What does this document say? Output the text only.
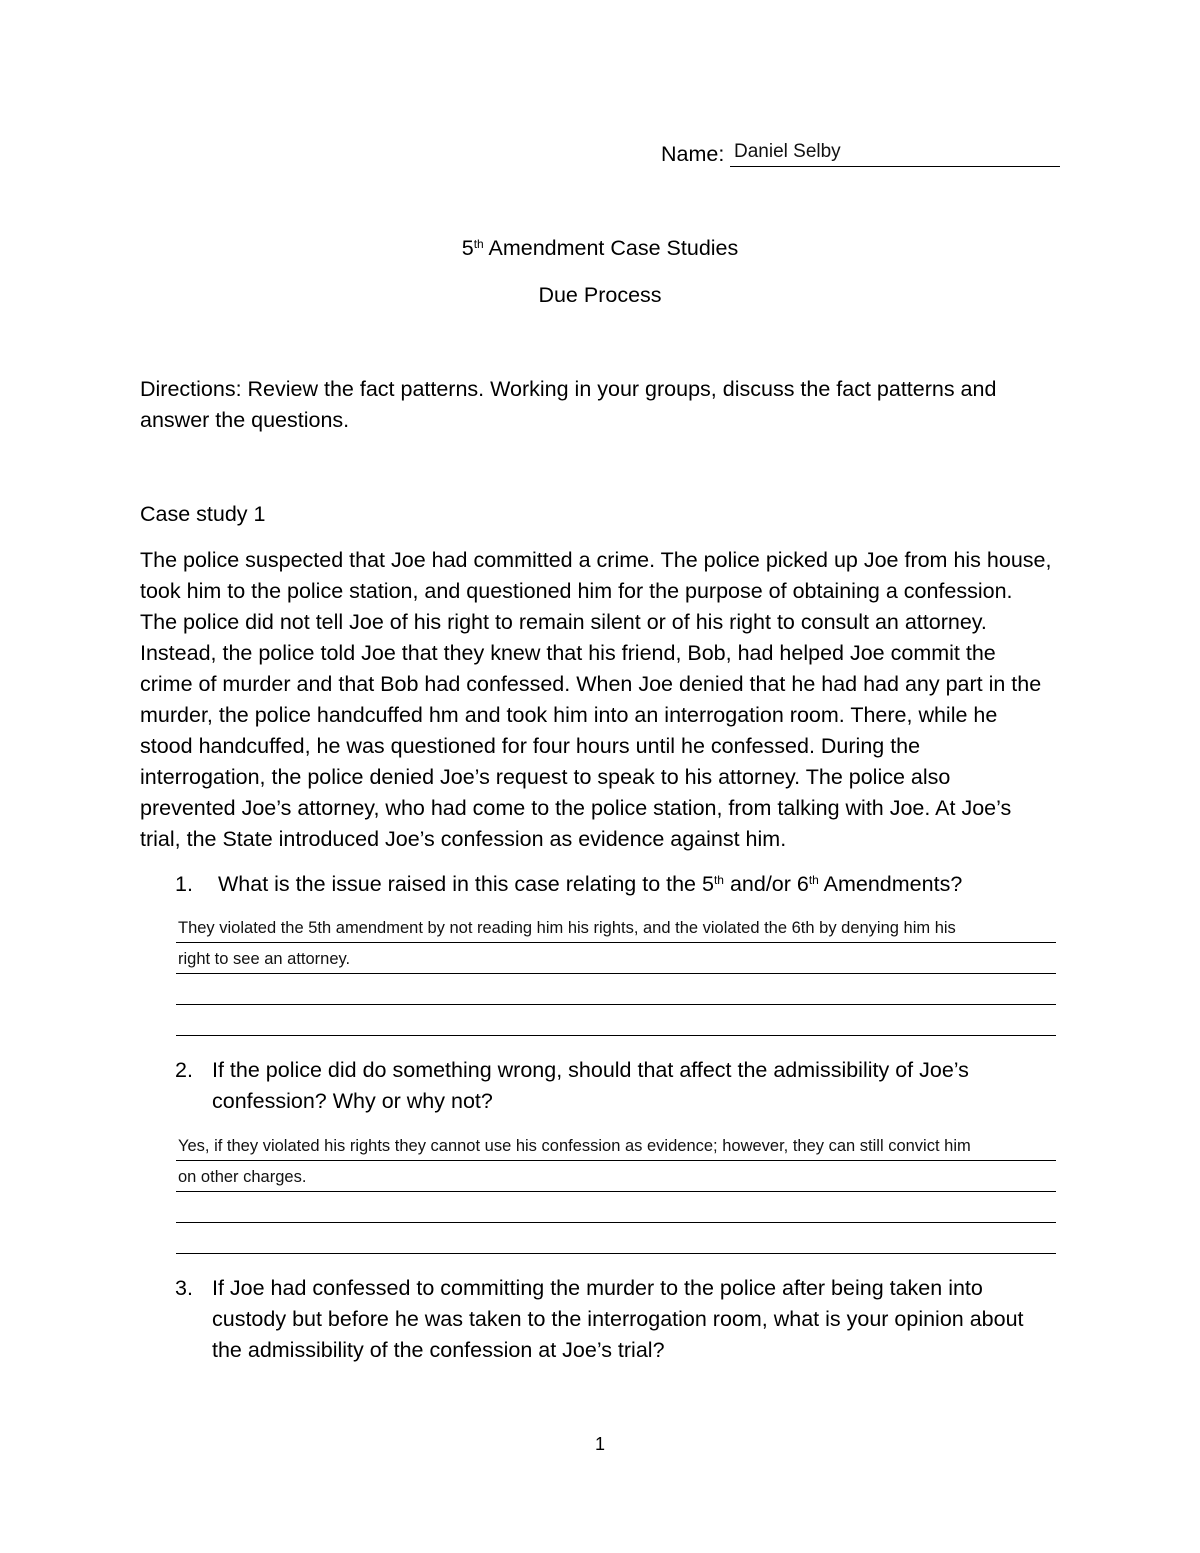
Name: Daniel Selby
5th Amendment Case Studies
Due Process
Directions: Review the fact patterns. Working in your groups, discuss the fact patterns and
answer the questions.
Case study 1
The police suspected that Joe had committed a crime. The police picked up Joe from his house,
took him to the police station, and questioned him for the purpose of obtaining a confession.
The police did not tell Joe of his right to remain silent or of his right to consult an attorney.
Instead, the police told Joe that they knew that his friend, Bob, had helped Joe commit the
crime of murder and that Bob had confessed. When Joe denied that he had had any part in the
murder, the police handcuffed hm and took him into an interrogation room. There, while he
stood handcuffed, he was questioned for four hours until he confessed. During the
interrogation, the police denied Joe’s request to speak to his attorney. The police also
prevented Joe’s attorney, who had come to the police station, from talking with Joe. At Joe’s
trial, the State introduced Joe’s confession as evidence against him.
1. What is the issue raised in this case relating to the 5th and/or 6th Amendments?
They violated the 5th amendment by not reading him his rights, and the violated the 6th by denying him his
right to see an attorney.
2. If the police did do something wrong, should that affect the admissibility of Joe’s
confession? Why or why not?
Yes, if they violated his rights they cannot use his confession as evidence; however, they can still convict him
on other charges.
3. If Joe had confessed to committing the murder to the police after being taken into
custody but before he was taken to the interrogation room, what is your opinion about
the admissibility of the confession at Joe’s trial?
1
